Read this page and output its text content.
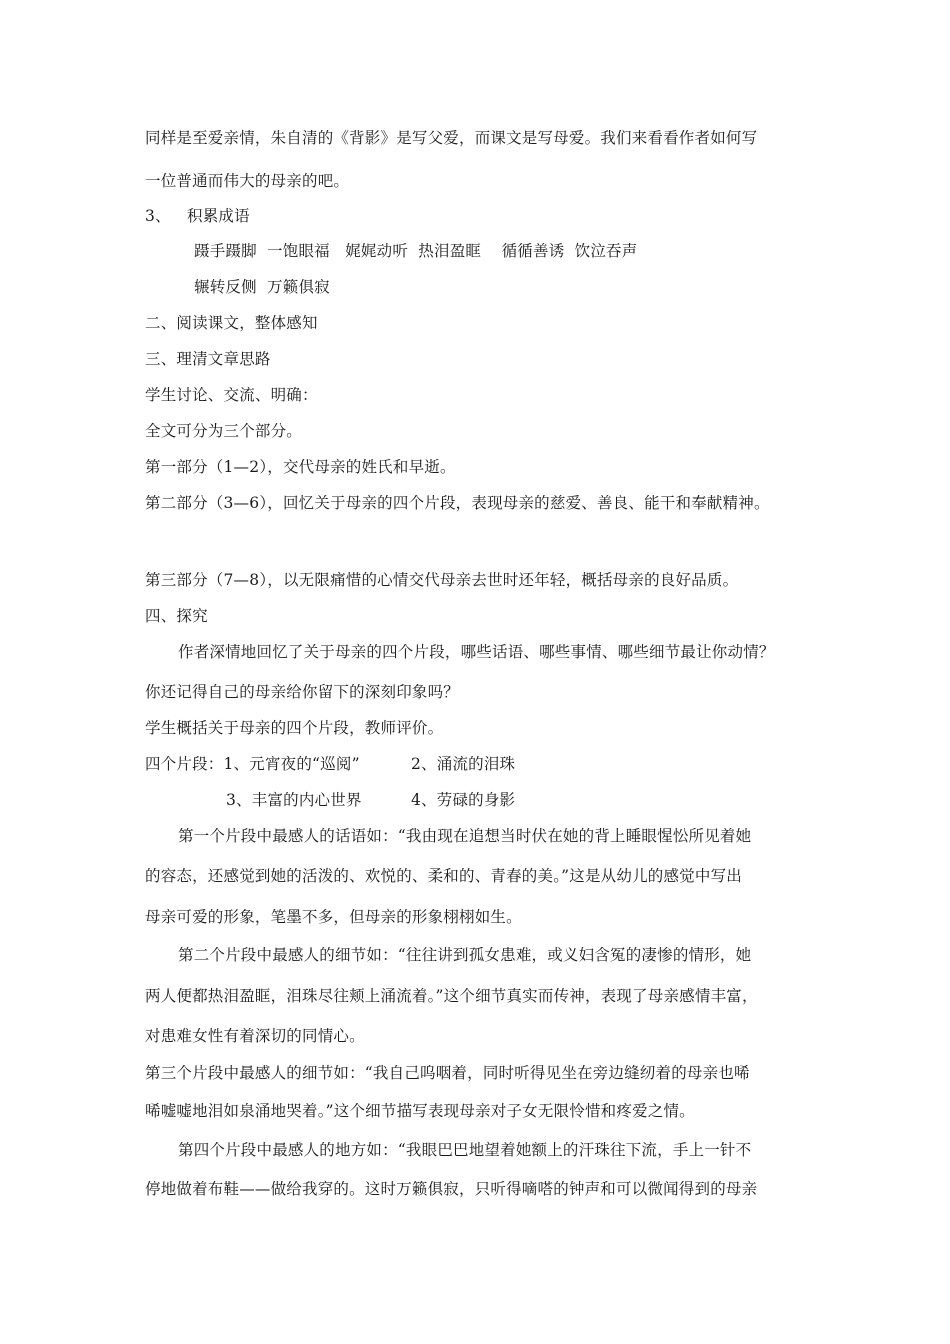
同样是至爱亲情，朱自清的《背影》是写父爱，而课文是写母爱。我们来看看作者如何写
一位普通而伟大的母亲的吧。
3、 积累成语
蹑手蹑脚  一饱眼福   娓娓动听  热泪盈眶    循循善诱  饮泣吞声
辗转反侧  万籁俱寂
二、阅读课文，整体感知
三、理清文章思路
学生讨论、交流、明确：
全文可分为三个部分。
第一部分（1—2），交代母亲的姓氏和早逝。
第二部分（3—6），回忆关于母亲的四个片段，表现母亲的慈爱、善良、能干和奉献精神。
第三部分（7—8），以无限痛惜的心情交代母亲去世时还年轻，概括母亲的良好品质。
四、探究
作者深情地回忆了关于母亲的四个片段，哪些话语、哪些事情、哪些细节最让你动情？
你还记得自己的母亲给你留下的深刻印象吗？
学生概括关于母亲的四个片段，教师评价。
四个片段：1、元宵夜的“巡阅”	2、涌流的泪珠
3、丰富的内心世界	4、劳碌的身影
第一个片段中最感人的话语如：“我由现在追想当时伏在她的背上睡眼惺忪所见着她
的容态，还感觉到她的活泼的、欢悦的、柔和的、青春的美。”这是从幼儿的感觉中写出
母亲可爱的形象，笔墨不多，但母亲的形象栩栩如生。
第二个片段中最感人的细节如：“往往讲到孤女患难，或义妇含冤的凄惨的情形，她
两人便都热泪盈眶，泪珠尽往颊上涌流着。”这个细节真实而传神，表现了母亲感情丰富，
对患难女性有着深切的同情心。
第三个片段中最感人的细节如：“我自己呜咽着，同时听得见坐在旁边缝纫着的母亲也唏
唏嘘嘘地泪如泉涌地哭着。”这个细节描写表现母亲对子女无限怜惜和疼爱之情。
第四个片段中最感人的地方如：“我眼巴巴地望着她额上的汗珠往下流，手上一针不
停地做着布鞋——做给我穿的。这时万籁俱寂，只听得嘀嗒的钟声和可以微闻得到的母亲
